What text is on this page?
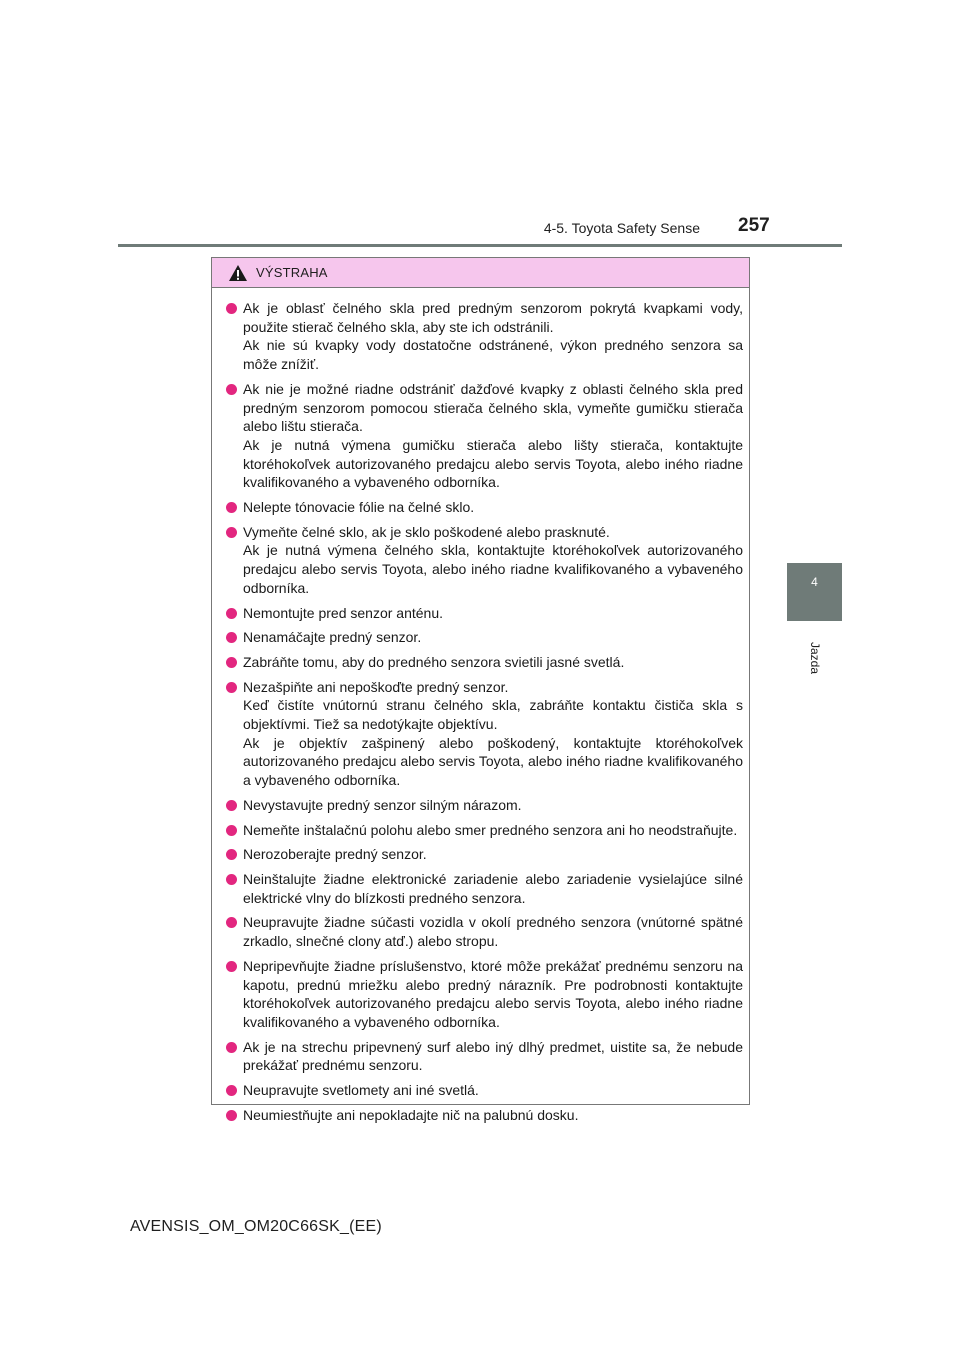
4-5. Toyota Safety Sense 257
4
Jazda
VÝSTRAHA

Ak je oblasť čelného skla pred predným senzorom pokrytá kvapkami vody, použite stierač čelného skla, aby ste ich odstránili.

Ak nie sú kvapky vody dostatočne odstránené, výkon predného senzora sa môže znížiť.

Ak nie je možné riadne odstrániť dažďové kvapky z oblasti čelného skla pred predným senzorom pomocou stierača čelného skla, vymeňte gumičku stierača alebo lištu stierača.

Ak je nutná výmena gumičku stierača alebo lišty stierača, kontaktujte ktoréhokoľvek autorizovaného predajcu alebo servis Toyota, alebo iného riadne kvalifikovaného a vybaveného odborníka.

Nelepte tónovacie fólie na čelné sklo.

Vymeňte čelné sklo, ak je sklo poškodené alebo prasknuté.

Ak je nutná výmena čelného skla, kontaktujte ktoréhokoľvek autorizovaného predajcu alebo servis Toyota, alebo iného riadne kvalifikovaného a vybaveného odborníka.

Nemontujte pred senzor anténu.

Nenamáčajte predný senzor.

Zabráňte tomu, aby do predného senzora svietili jasné svetlá.

Nezašpiňte ani nepoškoďte predný senzor.

Keď čistíte vnútornú stranu čelného skla, zabráňte kontaktu čističa skla s objektívmi. Tiež sa nedotýkajte objektívu.

Ak je objektív zašpinený alebo poškodený, kontaktujte ktoréhokoľvek autorizovaného predajcu alebo servis Toyota, alebo iného riadne kvalifikovaného a vybaveného odborníka.

Nevystavujte predný senzor silným nárazom.

Nemeňte inštalačnú polohu alebo smer predného senzora ani ho neodstraňujte.

Nerozoberajte predný senzor.

Neinštalujte žiadne elektronické zariadenie alebo zariadenie vysielajúce silné elektrické vlny do blízkosti predného senzora.

Neupravujte žiadne súčasti vozidla v okolí predného senzora (vnútorné spätné zrkadlo, slnečné clony atď.) alebo stropu.

Nepripevňujte žiadne príslušenstvo, ktoré môže prekážať prednému senzoru na kapotu, prednú mriežku alebo predný nárazník. Pre podrobnosti kontaktujte ktoréhokoľvek autorizovaného predajcu alebo servis Toyota, alebo iného riadne kvalifikovaného a vybaveného odborníka.

Ak je na strechu pripevnený surf alebo iný dlhý predmet, uistite sa, že nebude prekážať prednému senzoru.

Neupravujte svetlomety ani iné svetlá.

Neumiestňujte ani nepokladajte nič na palubnú dosku.

AVENSIS_OM_OM20C66SK_(EE)
